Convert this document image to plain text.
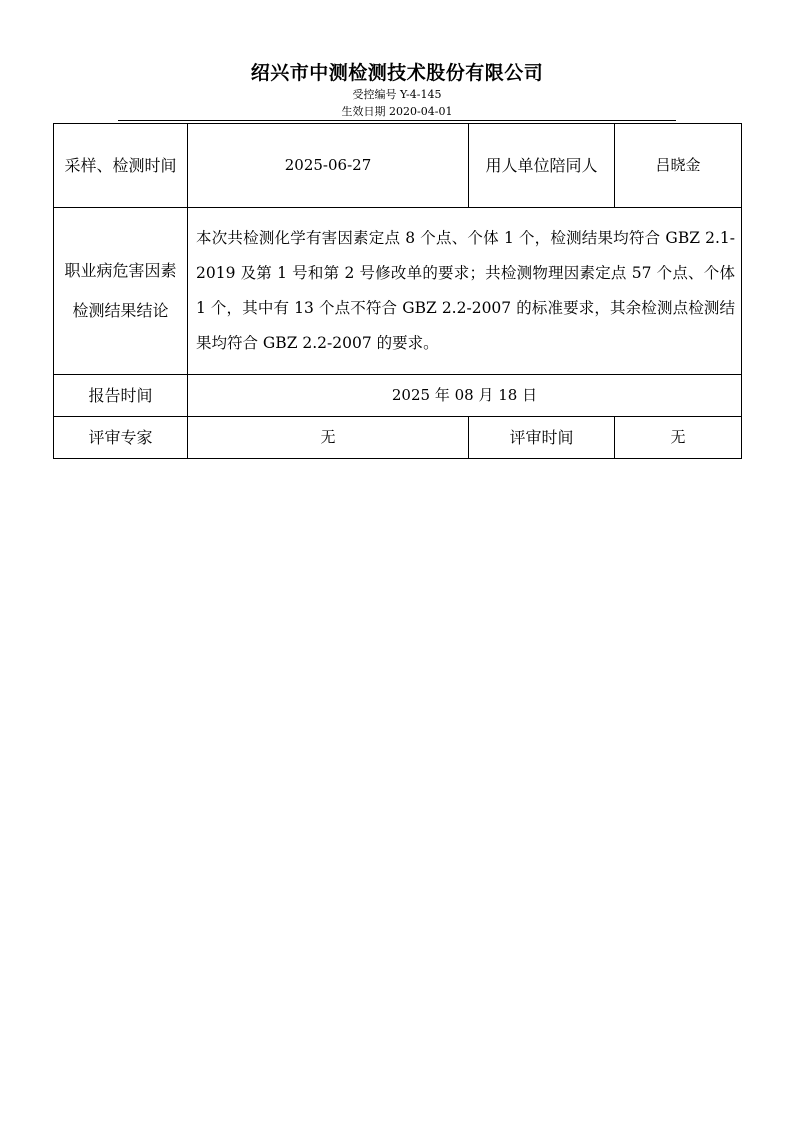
绍兴市中测检测技术股份有限公司
受控编号 Y-4-145
生效日期 2020-04-01
采样、检测时间	2025-06-27	用人单位陪同人	吕晓金
职业病危害因素检测结果结论	本次共检测化学有害因素定点 8 个点、个体 1 个，检测结果均符合 GBZ 2.1-2019 及第 1 号和第 2 号修改单的要求；共检测物理因素定点 57 个点、个体 1 个，其中有 13 个点不符合 GBZ 2.2-2007 的标准要求，其余检测点检测结果均符合 GBZ 2.2-2007 的要求。		
报告时间	2025 年 08 月 18 日		
评审专家	无	评审时间	无
